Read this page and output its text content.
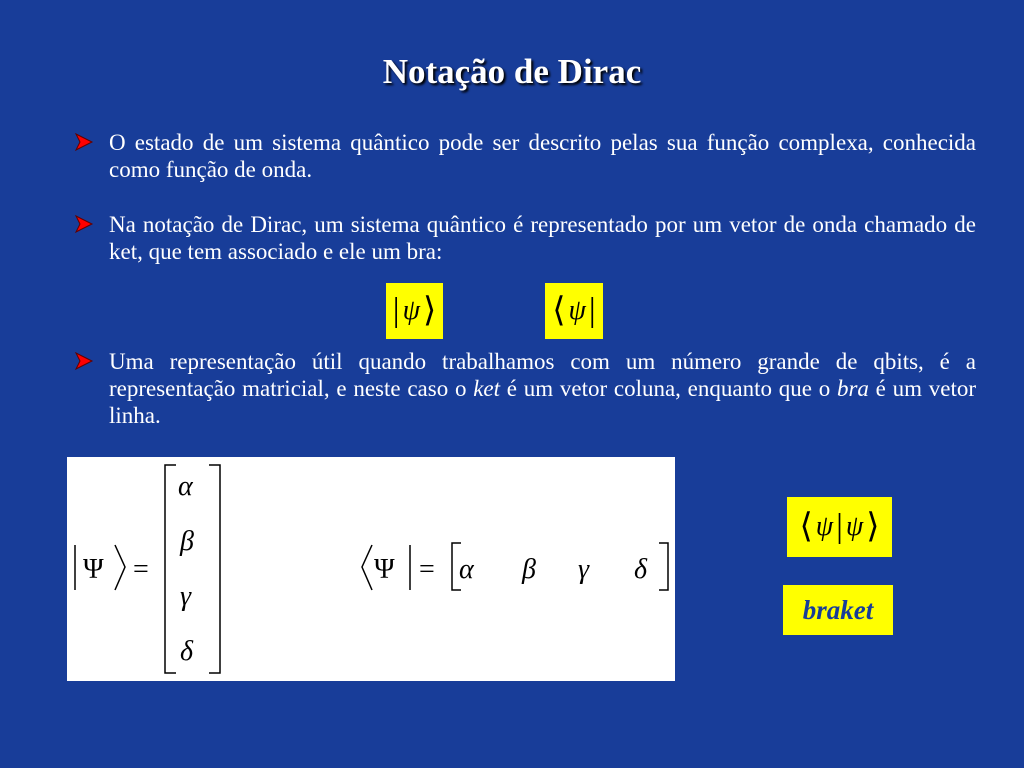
Notação de Dirac
O estado de um sistema quântico pode ser descrito pelas sua função complexa, conhecida como função de onda.
Na notação de Dirac, um sistema quântico é representado por um vetor de onda chamado de ket, que tem associado e ele um bra:
| ψ ⟩	⟨ ψ |
Uma representação útil quando trabalhamos com um número grande de qbits, é a representação matricial, e neste caso o ket é um vetor coluna, enquanto que o bra é um vetor linha.
Ψ =
α
β
γ
δ
Ψ = α β γ δ
⟨ ψ | ψ ⟩
braket
